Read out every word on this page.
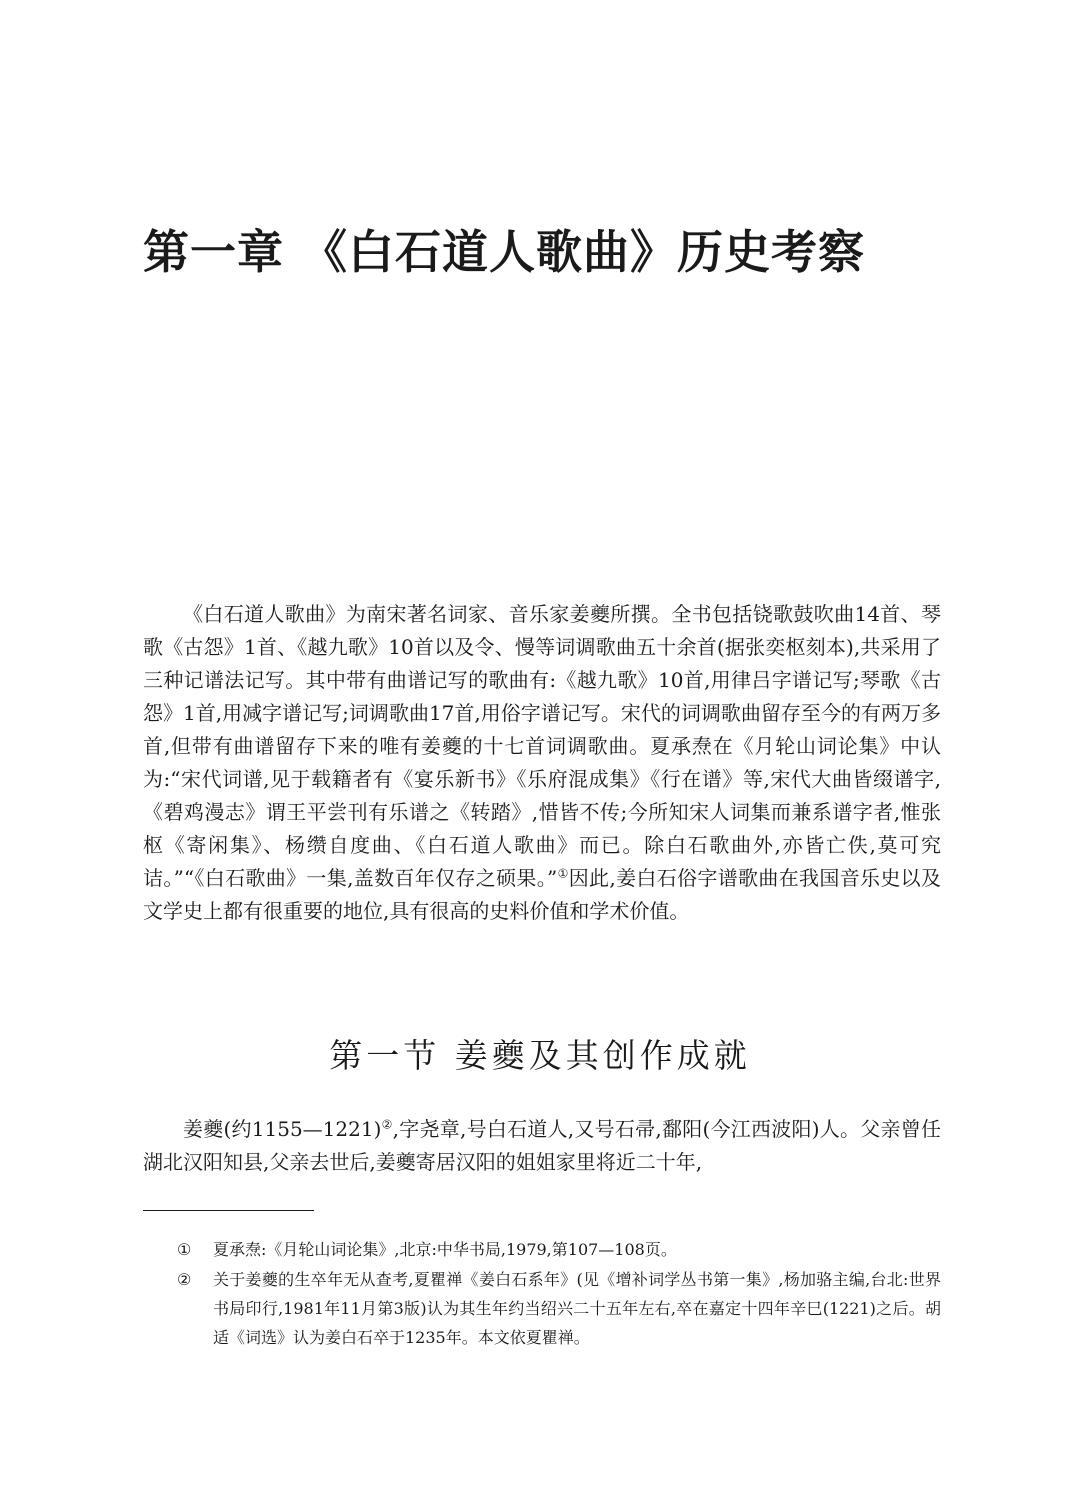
第一章 《白石道人歌曲》历史考察

《白石道人歌曲》为南宋著名词家、音乐家姜夔所撰。全书包括铙歌鼓吹曲14首、琴歌《古怨》1首、《越九歌》10首以及令、慢等词调歌曲五十余首(据张奕枢刻本),共采用了三种记谱法记写。其中带有曲谱记写的歌曲有:《越九歌》10首,用律吕字谱记写;琴歌《古怨》1首,用减字谱记写;词调歌曲17首,用俗字谱记写。宋代的词调歌曲留存至今的有两万多首,但带有曲谱留存下来的唯有姜夔的十七首词调歌曲。夏承焘在《月轮山词论集》中认为:“宋代词谱,见于载籍者有《宴乐新书》《乐府混成集》《行在谱》等,宋代大曲皆缀谱字,《碧鸡漫志》谓王平尝刊有乐谱之《转踏》,惜皆不传;今所知宋人词集而兼系谱字者,惟张枢《寄闲集》、杨缵自度曲、《白石道人歌曲》而已。除白石歌曲外,亦皆亡佚,莫可究诘。”“《白石歌曲》一集,盖数百年仅存之硕果。”①因此,姜白石俗字谱歌曲在我国音乐史以及文学史上都有很重要的地位,具有很高的史料价值和学术价值。

第一节 姜夔及其创作成就

姜夔(约1155—1221)②,字尧章,号白石道人,又号石帚,鄱阳(今江西波阳)人。父亲曾任湖北汉阳知县,父亲去世后,姜夔寄居汉阳的姐姐家里将近二十年,

①	夏承焘:《月轮山词论集》,北京:中华书局,1979,第107—108页。
②	关于姜夔的生卒年无从查考,夏瞿禅《姜白石系年》(见《增补词学丛书第一集》,杨加骆主编,台北:世界书局印行,1981年11月第3版)认为其生年约当绍兴二十五年左右,卒在嘉定十四年辛巳(1221)之后。胡适《词选》认为姜白石卒于1235年。本文依夏瞿禅。
